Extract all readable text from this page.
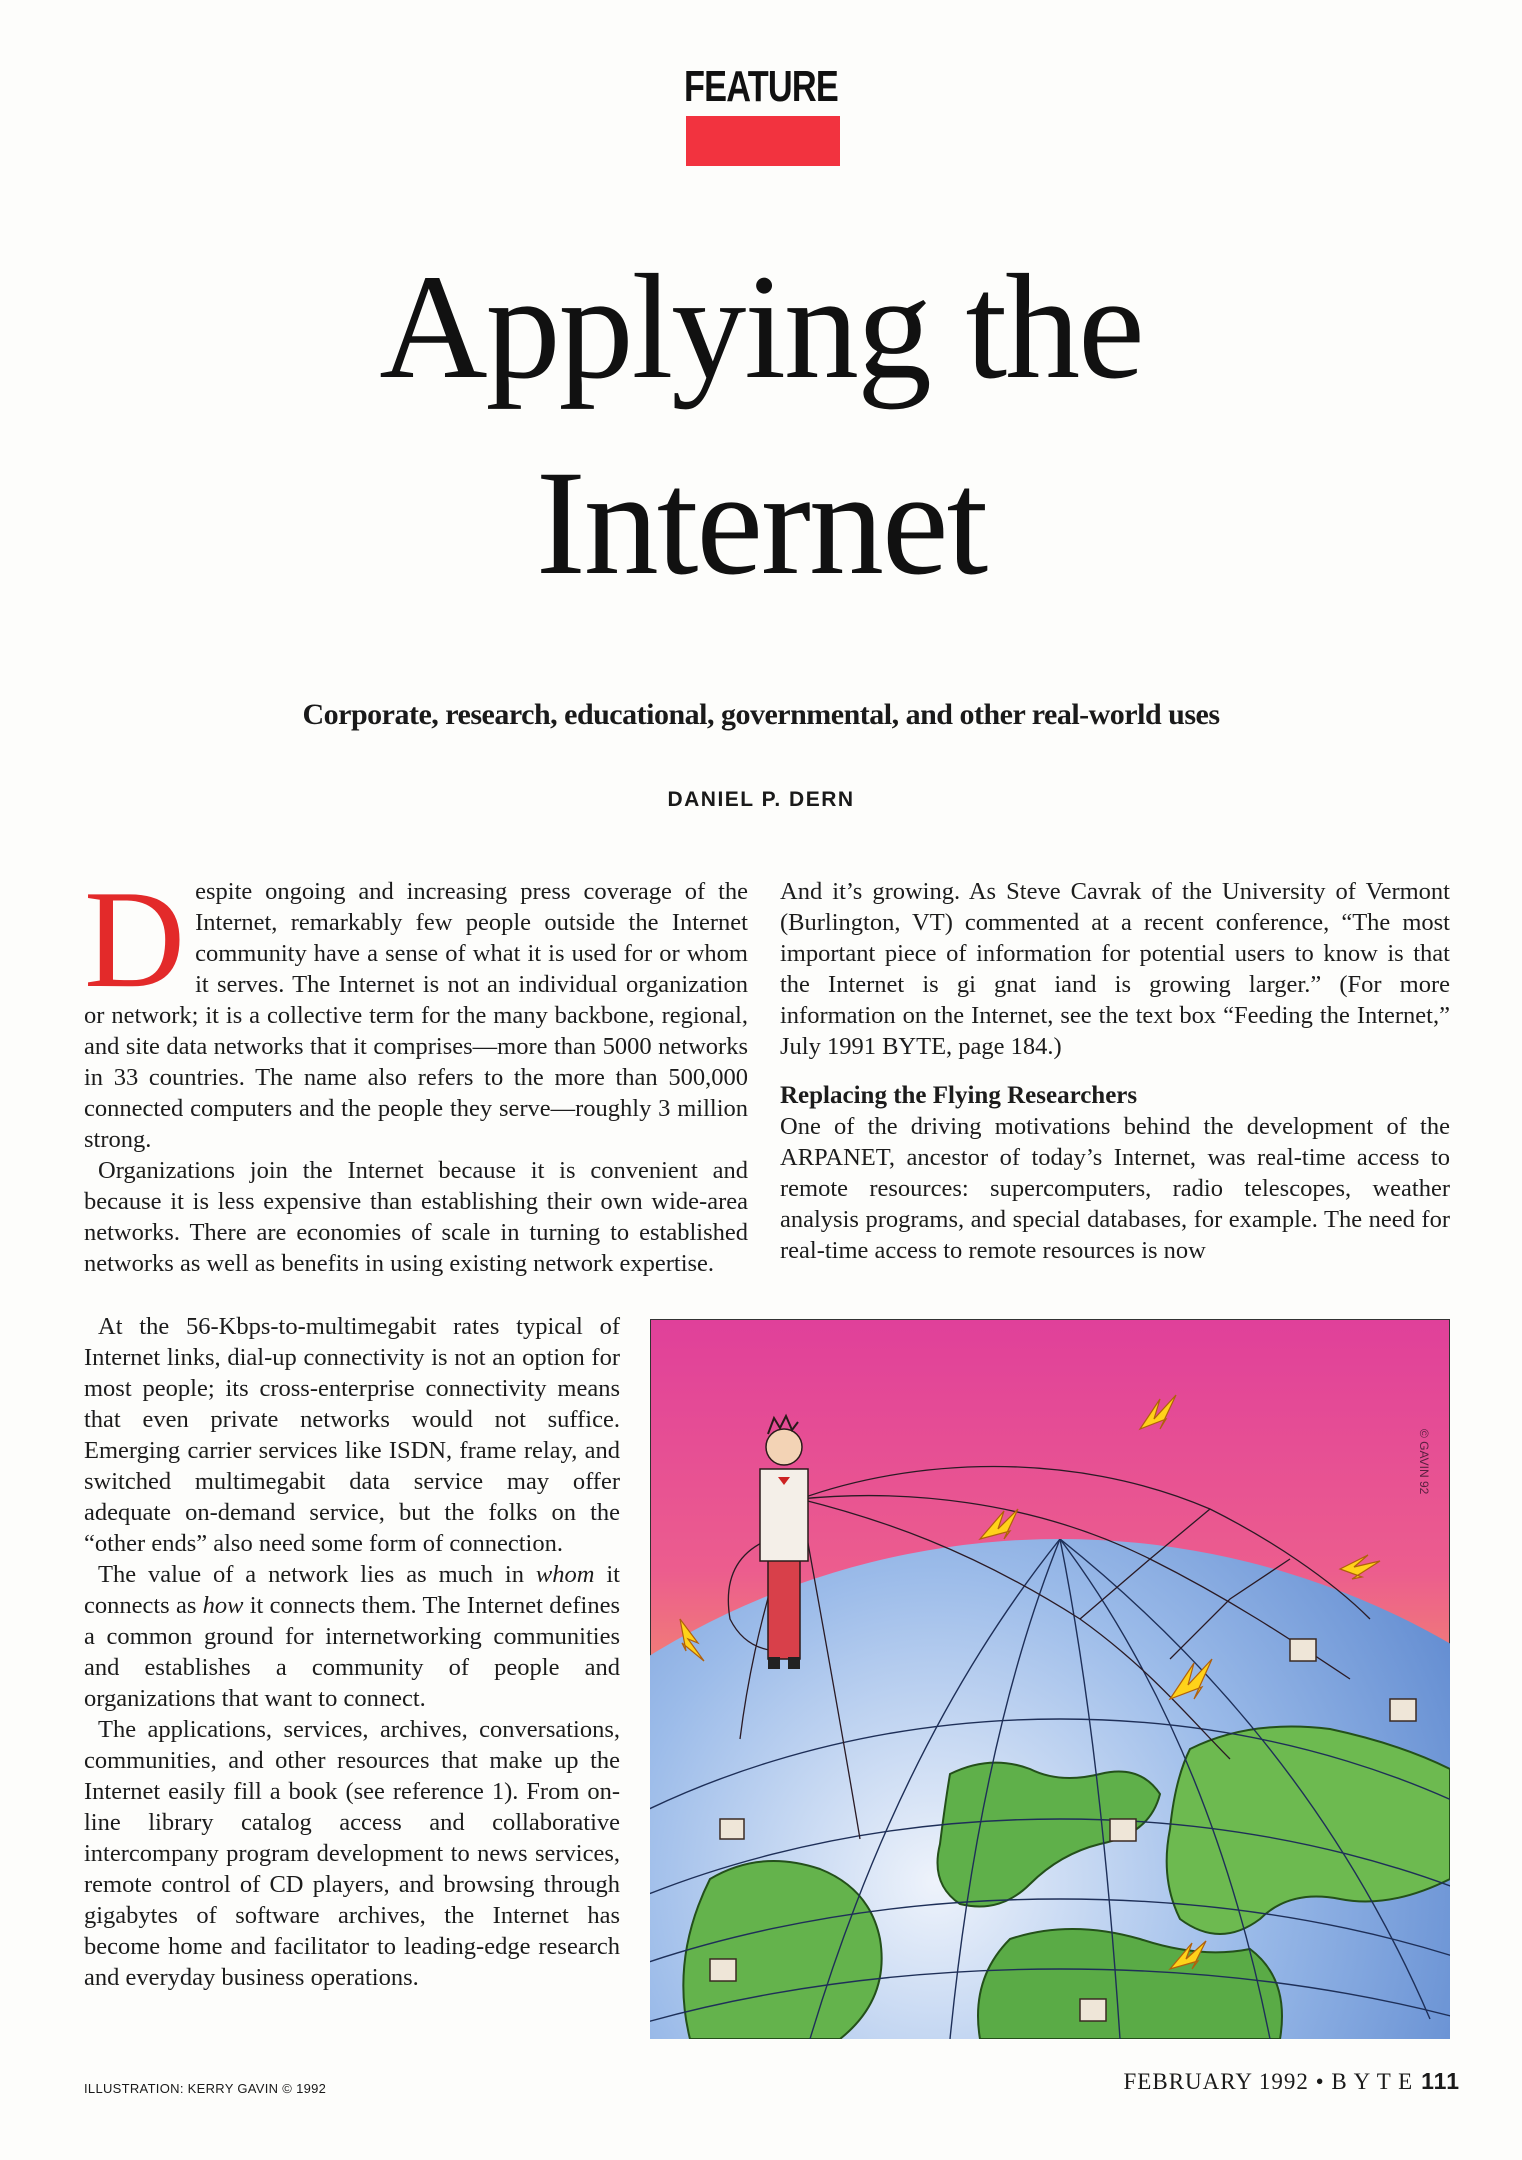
FEATURE
Applying the
Internet
Corporate, research, educational, governmental, and other real-world uses
DANIEL P. DERN

Despite ongoing and increasing press coverage of the Internet, remarkably few people outside the Internet community have a sense of what it is used for or whom it serves. The Internet is not an individual organization or network; it is a collective term for the many backbone, regional, and site data networks that it comprises—more than 5000 networks in 33 countries. The name also refers to the more than 500,000 connected computers and the people they serve—roughly 3 million strong.

Organizations join the Internet because it is convenient and because it is less expensive than establishing their own wide-area networks. There are economies of scale in turning to established networks as well as benefits in using existing network expertise.

At the 56-Kbps-to-multimegabit rates typical of Internet links, dial-up connectivity is not an option for most people; its cross-enterprise connectivity means that even private networks would not suffice. Emerging carrier services like ISDN, frame relay, and switched multimegabit data service may offer adequate on-demand service, but the folks on the “other ends” also need some form of connection.

The value of a network lies as much in whom it connects as how it connects them. The Internet defines a common ground for internetworking communities and establishes a community of people and organizations that want to connect.

The applications, services, archives, conversations, communities, and other resources that make up the Internet easily fill a book (see reference 1). From on-line library catalog access and collaborative intercompany program development to news services, remote control of CD players, and browsing through gigabytes of software archives, the Internet has become home and facilitator to leading-edge research and everyday business operations.

And it’s growing. As Steve Cavrak of the University of Vermont (Burlington, VT) commented at a recent conference, “The most important piece of information for potential users to know is that the Internet is gi gnat iand is growing larger.” (For more information on the Internet, see the text box “Feeding the Internet,” July 1991 BYTE, page 184.)

Replacing the Flying Researchers

One of the driving motivations behind the development of the ARPANET, ancestor of today’s Internet, was real-time access to remote resources: supercomputers, radio telescopes, weather analysis programs, and special databases, for example. The need for real-time access to remote resources is now

© GAVIN 92
ILLUSTRATION: KERRY GAVIN © 1992	FEBRUARY 1992 • B Y T E 111
